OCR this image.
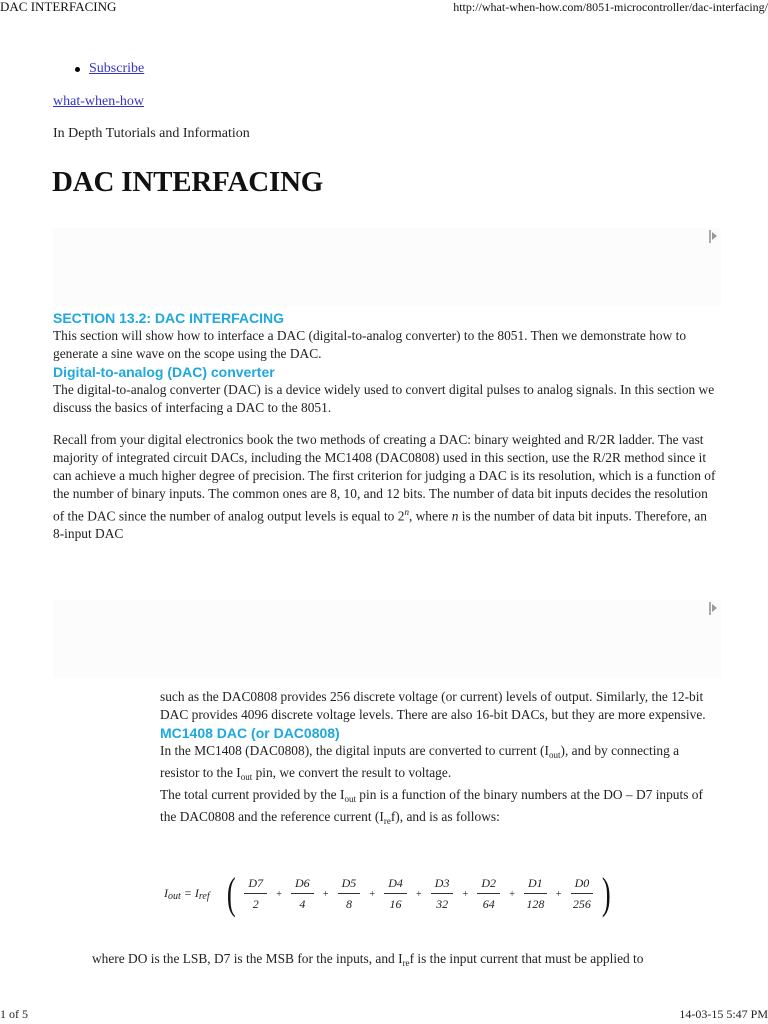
DAC INTERFACING	http://what-when-how.com/8051-microcontroller/dac-interfacing/
Subscribe
what-when-how
In Depth Tutorials and Information
DAC INTERFACING
SECTION 13.2: DAC INTERFACING

This section will show how to interface a DAC (digital-to-analog converter) to the 8051. Then we demonstrate how to generate a sine wave on the scope using the DAC.

Digital-to-analog (DAC) converter

The digital-to-analog converter (DAC) is a device widely used to convert digital pulses to analog signals. In this section we discuss the basics of interfacing a DAC to the 8051.

Recall from your digital electronics book the two methods of creating a DAC: binary weighted and R/2R ladder. The vast majority of integrated circuit DACs, including the MC1408 (DAC0808) used in this section, use the R/2R method since it can achieve a much higher degree of precision. The first criterion for judging a DAC is its resolution, which is a function of the number of binary inputs. The common ones are 8, 10, and 12 bits. The number of data bit inputs decides the resolution of the DAC since the number of analog output levels is equal to 2$^n$, where n is the number of data bit inputs. Therefore, an 8-input DAC

such as the DAC0808 provides 256 discrete voltage (or current) levels of output. Similarly, the 12-bit DAC provides 4096 discrete voltage levels. There are also 16-bit DACs, but they are more expensive.

MC1408 DAC (or DAC0808)

In the MC1408 (DAC0808), the digital inputs are converted to current $(I_{out})$, and by connecting a resistor to the $I_{out}$ pin, we convert the result to voltage.

The total current provided by the $I_{out}$ pin is a function of the binary numbers at the DO – D7 inputs of the DAC0808 and the reference current $(I_{re}f)$, and is as follows:

Iout = Iref ( $\frac{D7}{2} + \frac{D6}{4} + \frac{D5}{8} + \frac{D4}{16} + \frac{D3}{32} + \frac{D2}{64} + \frac{D1}{128} + \frac{D0}{256}$ )
where DO is the LSB, D7 is the MSB for the inputs, and $I_{re}f$ is the input current that must be applied to
1 of 5	14-03-15 5:47 PM
